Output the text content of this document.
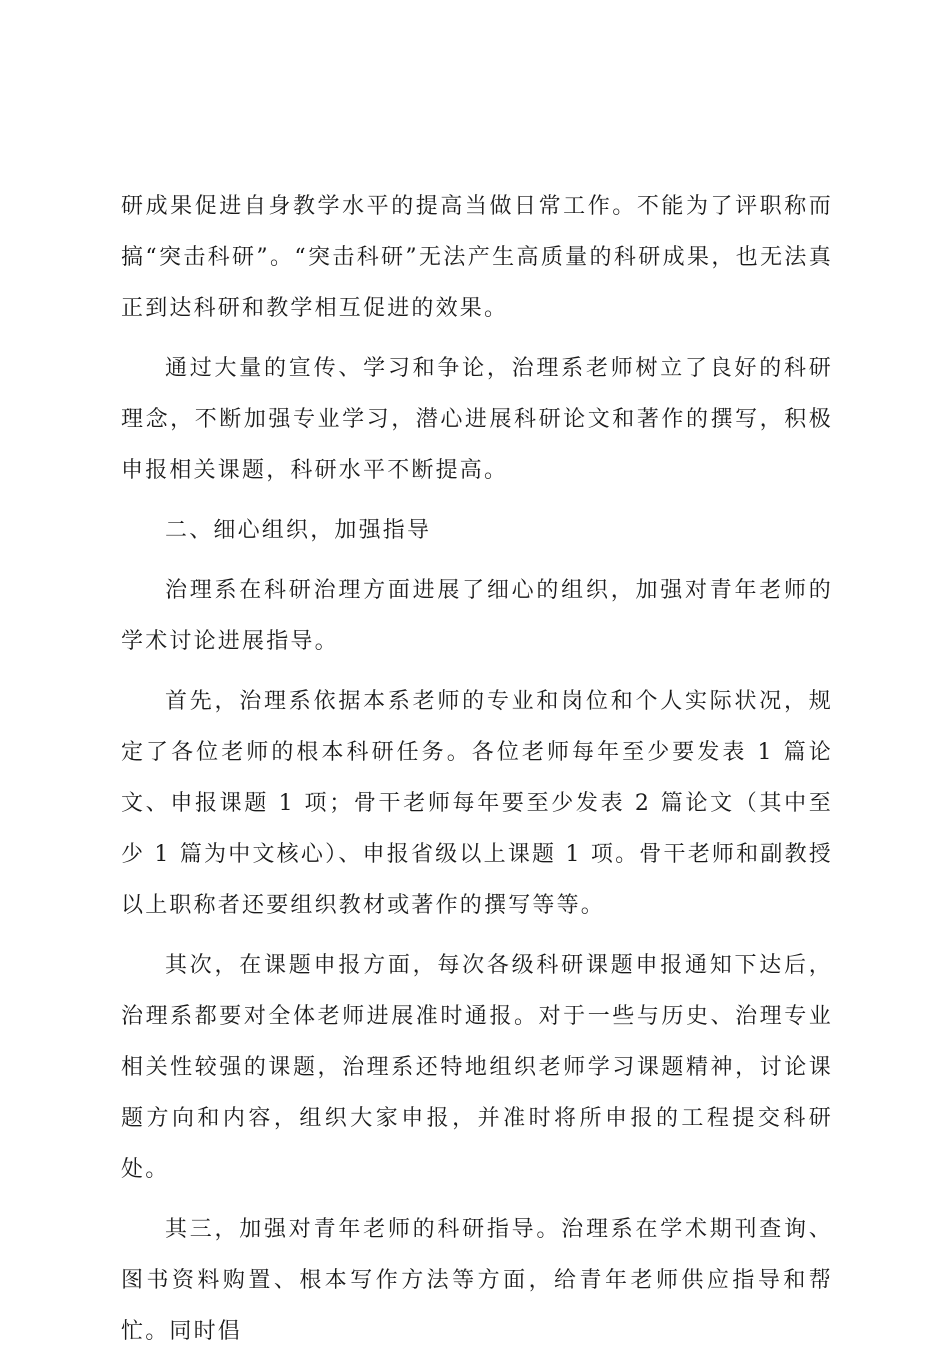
研成果促进自身教学水平的提高当做日常工作。不能为了评职称而搞“突击科研”。“突击科研”无法产生高质量的科研成果，也无法真正到达科研和教学相互促进的效果。

通过大量的宣传、学习和争论，治理系老师树立了良好的科研理念，不断加强专业学习，潜心进展科研论文和著作的撰写，积极申报相关课题，科研水平不断提高。

二、细心组织，加强指导

治理系在科研治理方面进展了细心的组织，加强对青年老师的学术讨论进展指导。

首先，治理系依据本系老师的专业和岗位和个人实际状况，规定了各位老师的根本科研任务。各位老师每年至少要发表 1 篇论文、申报课题 1 项；骨干老师每年要至少发表 2 篇论文（其中至少 1 篇为中文核心）、申报省级以上课题 1 项。骨干老师和副教授以上职称者还要组织教材或著作的撰写等等。

其次，在课题申报方面，每次各级科研课题申报通知下达后，治理系都要对全体老师进展准时通报。对于一些与历史、治理专业相关性较强的课题，治理系还特地组织老师学习课题精神，讨论课题方向和内容，组织大家申报，并准时将所申报的工程提交科研处。

其三，加强对青年老师的科研指导。治理系在学术期刊查询、图书资料购置、根本写作方法等方面，给青年老师供应指导和帮忙。同时倡
